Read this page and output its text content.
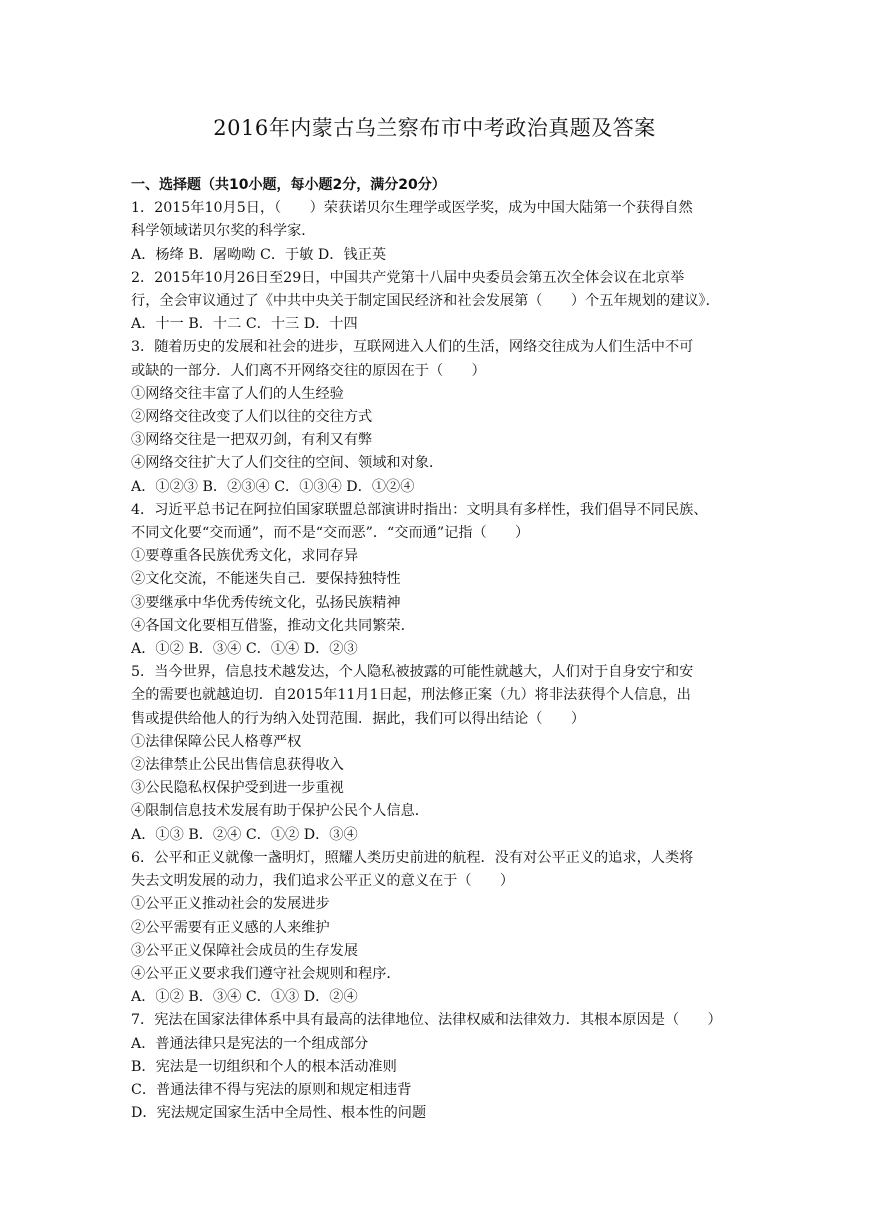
2016年内蒙古乌兰察布市中考政治真题及答案
一、选择题（共10小题，每小题2分，满分20分）
1．2015年10月5日，（　　）荣获诺贝尔生理学或医学奖，成为中国大陆第一个获得自然
科学领域诺贝尔奖的科学家．
A．杨绛 B．屠呦呦 C．于敏 D．钱正英
2．2015年10月26日至29日，中国共产党第十八届中央委员会第五次全体会议在北京举
行，全会审议通过了《中共中央关于制定国民经济和社会发展第（　　）个五年规划的建议》．
A．十一 B．十二 C．十三 D．十四
3．随着历史的发展和社会的进步，互联网进入人们的生活，网络交往成为人们生活中不可
或缺的一部分．人们离不开网络交往的原因在于（　　）
①网络交往丰富了人们的人生经验
②网络交往改变了人们以往的交往方式
③网络交往是一把双刃剑，有利又有弊
④网络交往扩大了人们交往的空间、领域和对象．
A．①②③ B．②③④ C．①③④ D．①②④
4．习近平总书记在阿拉伯国家联盟总部演讲时指出：文明具有多样性，我们倡导不同民族、
不同文化要“交而通”，而不是“交而恶”．“交而通”记指（　　）
①要尊重各民族优秀文化，求同存异
②文化交流，不能迷失自己．要保持独特性
③要继承中华优秀传统文化，弘扬民族精神
④各国文化要相互借鉴，推动文化共同繁荣．
A．①② B．③④ C．①④ D．②③
5．当今世界，信息技术越发达，个人隐私被披露的可能性就越大，人们对于自身安宁和安
全的需要也就越迫切．自2015年11月1日起，刑法修正案（九）将非法获得个人信息，出
售或提供给他人的行为纳入处罚范围．据此，我们可以得出结论（　　）
①法律保障公民人格尊严权
②法律禁止公民出售信息获得收入
③公民隐私权保护受到进一步重视
④限制信息技术发展有助于保护公民个人信息．
A．①③ B．②④ C．①② D．③④
6．公平和正义就像一盏明灯，照耀人类历史前进的航程．没有对公平正义的追求，人类将
失去文明发展的动力，我们追求公平正义的意义在于（　　）
①公平正义推动社会的发展进步
②公平需要有正义感的人来维护
③公平正义保障社会成员的生存发展
④公平正义要求我们遵守社会规则和程序．
A．①② B．③④ C．①③ D．②④
7．宪法在国家法律体系中具有最高的法律地位、法律权威和法律效力．其根本原因是（　　）
A．普通法律只是宪法的一个组成部分
B．宪法是一切组织和个人的根本活动准则
C．普通法律不得与宪法的原则和规定相违背
D．宪法规定国家生活中全局性、根本性的问题
